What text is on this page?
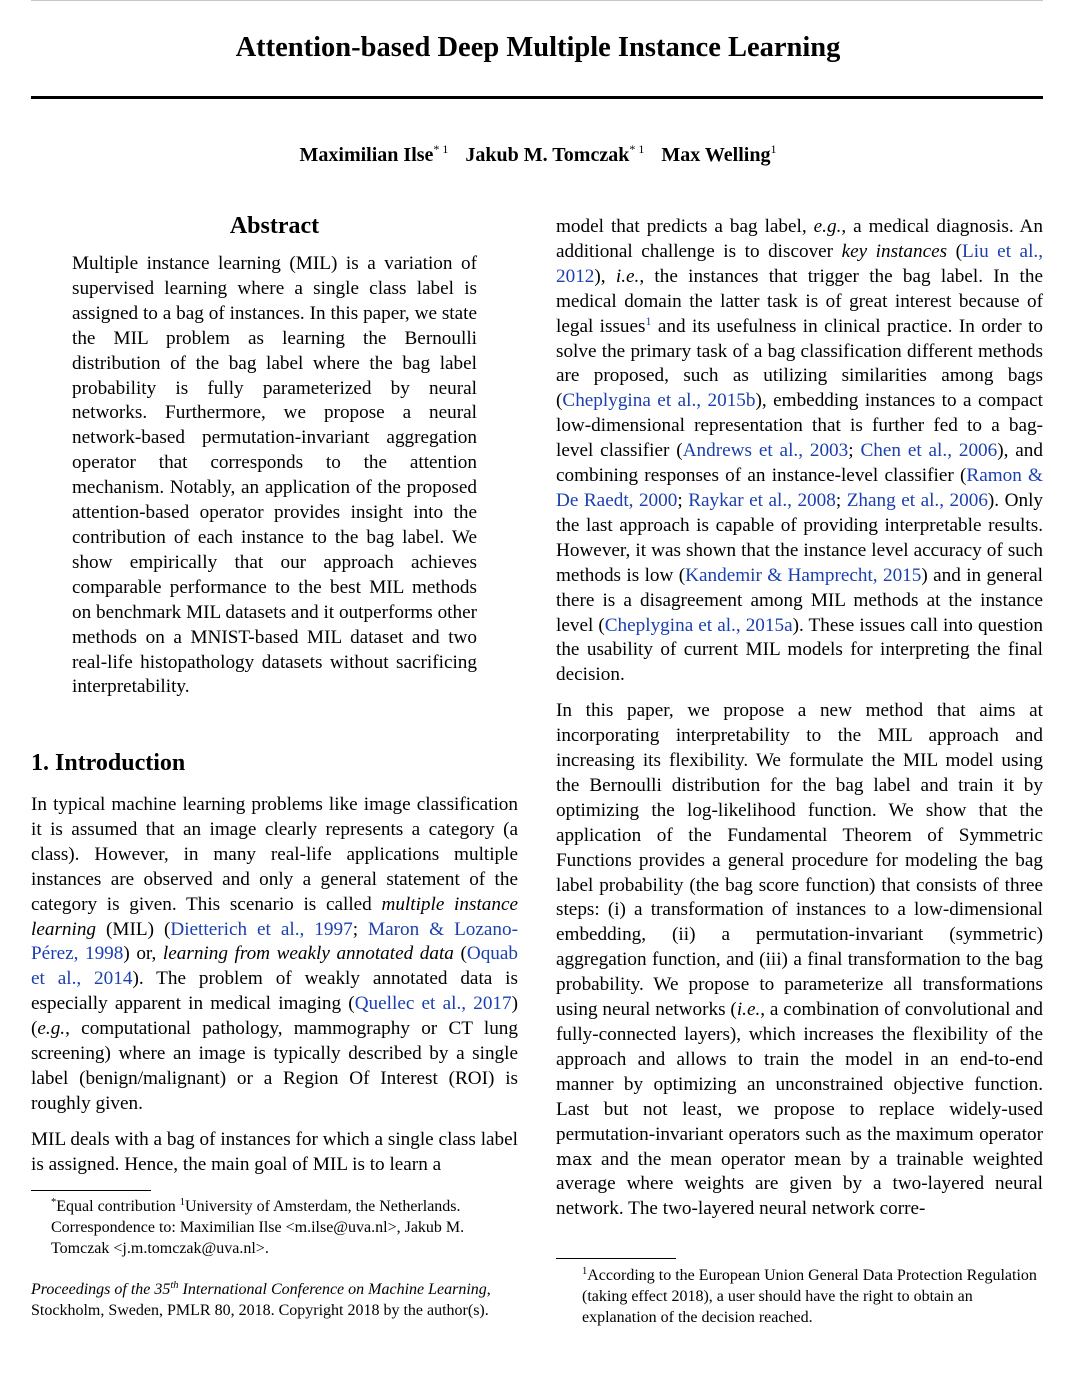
Attention-based Deep Multiple Instance Learning
Maximilian Ilse$^{* 1}$ Jakub M. Tomczak$^{* 1}$ Max Welling$^1$
Abstract

Multiple instance learning (MIL) is a variation of supervised learning where a single class label is assigned to a bag of instances. In this paper, we state the MIL problem as learning the Bernoulli distribution of the bag label where the bag label probability is fully parameterized by neural networks. Furthermore, we propose a neural network-based permutation-invariant aggregation operator that corresponds to the attention mechanism. Notably, an application of the proposed attention-based operator provides insight into the contribution of each instance to the bag label. We show empirically that our approach achieves comparable performance to the best MIL methods on benchmark MIL datasets and it outperforms other methods on a MNIST-based MIL dataset and two real-life histopathology datasets without sacrificing interpretability.

1. Introduction

In typical machine learning problems like image classification it is assumed that an image clearly represents a category (a class). However, in many real-life applications multiple instances are observed and only a general statement of the category is given. This scenario is called multiple instance learning (MIL) (Dietterich et al., 1997; Maron & Lozano-Pérez, 1998) or, learning from weakly annotated data (Oquab et al., 2014). The problem of weakly annotated data is especially apparent in medical imaging (Quellec et al., 2017) (e.g., computational pathology, mammography or CT lung screening) where an image is typically described by a single label (benign/malignant) or a Region Of Interest (ROI) is roughly given.

MIL deals with a bag of instances for which a single class label is assigned. Hence, the main goal of MIL is to learn a

*Equal contribution $^1$University of Amsterdam, the Netherlands. Correspondence to: Maximilian Ilse <m.ilse@uva.nl>, Jakub M. Tomczak <j.m.tomczak@uva.nl>.
Proceedings of the 35th International Conference on Machine Learning, Stockholm, Sweden, PMLR 80, 2018. Copyright 2018 by the author(s).

model that predicts a bag label, e.g., a medical diagnosis. An additional challenge is to discover key instances (Liu et al., 2012), i.e., the instances that trigger the bag label. In the medical domain the latter task is of great interest because of legal issues$^1$ and its usefulness in clinical practice. In order to solve the primary task of a bag classification different methods are proposed, such as utilizing similarities among bags (Cheplygina et al., 2015b), embedding instances to a compact low-dimensional representation that is further fed to a bag-level classifier (Andrews et al., 2003; Chen et al., 2006), and combining responses of an instance-level classifier (Ramon & De Raedt, 2000; Raykar et al., 2008; Zhang et al., 2006). Only the last approach is capable of providing interpretable results. However, it was shown that the instance level accuracy of such methods is low (Kandemir & Hamprecht, 2015) and in general there is a disagreement among MIL methods at the instance level (Cheplygina et al., 2015a). These issues call into question the usability of current MIL models for interpreting the final decision.

In this paper, we propose a new method that aims at incorporating interpretability to the MIL approach and increasing its flexibility. We formulate the MIL model using the Bernoulli distribution for the bag label and train it by optimizing the log-likelihood function. We show that the application of the Fundamental Theorem of Symmetric Functions provides a general procedure for modeling the bag label probability (the bag score function) that consists of three steps: (i) a transformation of instances to a low-dimensional embedding, (ii) a permutation-invariant (symmetric) aggregation function, and (iii) a final transformation to the bag probability. We propose to parameterize all transformations using neural networks (i.e., a combination of convolutional and fully-connected layers), which increases the flexibility of the approach and allows to train the model in an end-to-end manner by optimizing an unconstrained objective function. Last but not least, we propose to replace widely-used permutation-invariant operators such as the maximum operator max and the mean operator mean by a trainable weighted average where weights are given by a two-layered neural network. The two-layered neural network corre-

$^1$According to the European Union General Data Protection Regulation (taking effect 2018), a user should have the right to obtain an explanation of the decision reached.
